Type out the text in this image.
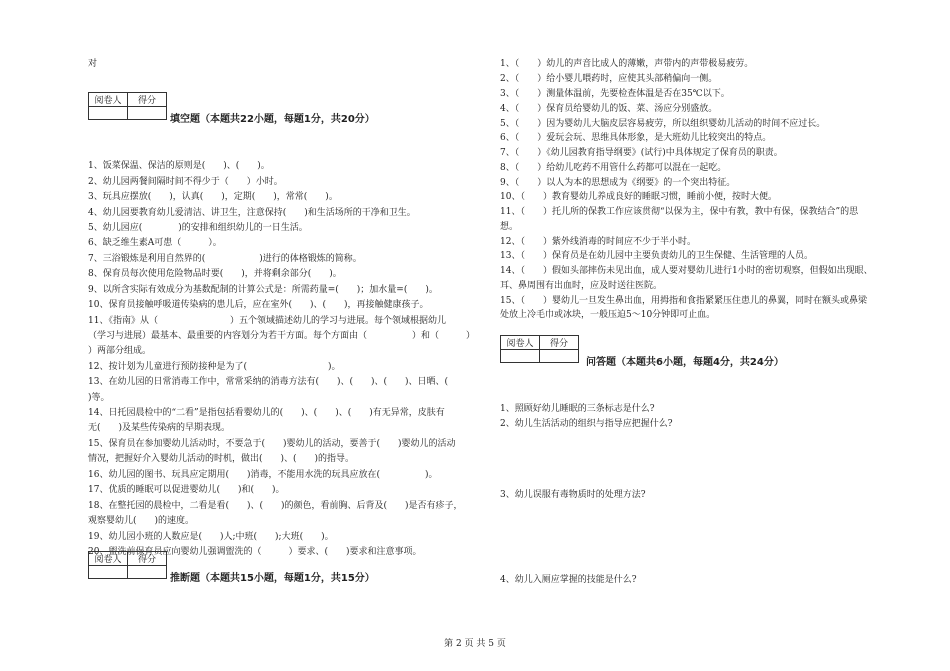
对
阅卷人	得分

填空题（本题共22小题，每题1分，共20分）
1、饭菜保温、保洁的原则是(　　)、(　　)。
2、幼儿园两餐间隔时间不得少于（　　）小时。
3、玩具应摆放(　　)，认真(　　)，定期(　　)，常常(　　)。
4、幼儿园要教育幼儿爱清洁、讲卫生，注意保持(　　)和生活场所的干净和卫生。
5、幼儿园应(　　　　)的安排和组织幼儿的一日生活。
6、缺乏维生素A可患（　　　）。
7、三浴锻炼是利用自然界的(　　　　　　)进行的体格锻炼的简称。
8、保育员每次使用危险物品时要(　　)，并将剩余部分(　　)。
9、以所含实际有效成分为基数配制的计算公式是：所需药量=(　　)；加水量=(　　)。
10、保育员接触呼吸道传染病的患儿后，应在室外(　　)、(　　)，再接触健康孩子。
11、《指南》从（　　　　　　　　）五个领域描述幼儿的学习与进展。每个领域根据幼儿
（学习与进展）最基本、最重要的内容划分为若干方面。每个方面由（　　　　　）和（　　　）
）两部分组成。
12、按计划为儿童进行预防接种是为了(　　　　　　　　　)。
13、在幼儿园的日常消毒工作中，常常采纳的消毒方法有(　　)、(　　)、(　　)、日晒、(　　
)等。
14、日托园晨检中的“二看”是指包括看婴幼儿的(　　)、(　　)、(　　)有无异常，皮肤有
无(　　)及某些传染病的早期表现。
15、保育员在参加婴幼儿活动时，不要急于(　　)婴幼儿的活动，要善于(　　)婴幼儿的活动
情况，把握好介入婴幼儿活动的时机，做出(　　)、(　　)的指导。
16、幼儿园的图书、玩具应定期用(　　)消毒，不能用水洗的玩具应放在(　　　　　)。
17、优质的睡眠可以促进婴幼儿(　　)和(　　)。
18、在整托园的晨检中，二看是看(　　)、(　　)的颜色，看前胸、后背及(　　)是否有疹子，
观察婴幼儿(　　)的速度。
19、幼儿园小班的人数应是(　　)人;中班(　　);大班(　　)。
20、盥洗前保育员应向婴幼儿强调盥洗的（　　　）要求、(　　)要求和注意事项。
阅卷人	得分

推断题（本题共15小题，每题1分，共15分）
1、（　　）幼儿的声音比成人的薄嫩，声带内的声带极易疲劳。
2、（　　）给小婴儿喂药时，应使其头部稍偏向一侧。
3、（　　）测量体温前，先要检查体温是否在35℃以下。
4、（　　）保育员给婴幼儿的饭、菜、汤应分别盛放。
5、（　　）因为婴幼儿大脑皮层容易疲劳，所以组织婴幼儿活动的时间不应过长。
6、（　　）爱玩会玩、思维具体形象，是大班幼儿比较突出的特点。
7、（　　）《幼儿园教育指导纲要》(试行)中具体规定了保育员的职责。
8、（　　）给幼儿吃药不用管什么药都可以混在一起吃。
9、（　　）以人为本的思想成为《纲要》的一个突出特征。
10、（　　）教育婴幼儿养成良好的睡眠习惯，睡前小便，按时大便。
11、（　　）托儿所的保教工作应该贯彻“以保为主，保中有教，教中有保，保教结合”的思
想。
12、（　　）紫外线消毒的时间应不少于半小时。
13、（　　）保育员是在幼儿园中主要负责幼儿的卫生保健、生活管理的人员。
14、（　　）假如头部摔伤未见出血，成人要对婴幼儿进行1小时的密切观察，但假如出现眼、
耳、鼻周围有出血时，应及时送往医院。
15、（　　）婴幼儿一旦发生鼻出血，用拇指和食指紧紧压住患儿的鼻翼，同时在额头或鼻梁
处放上冷毛巾或冰块，一般压迫5～10分钟即可止血。
阅卷人	得分

问答题（本题共6小题，每题4分，共24分）
1、照顾好幼儿睡眠的三条标志是什么?
2、幼儿生活活动的组织与指导应把握什么?
3、幼儿误服有毒物质时的处理方法?
4、幼儿入厕应掌握的技能是什么?
第 2 页 共 5 页
